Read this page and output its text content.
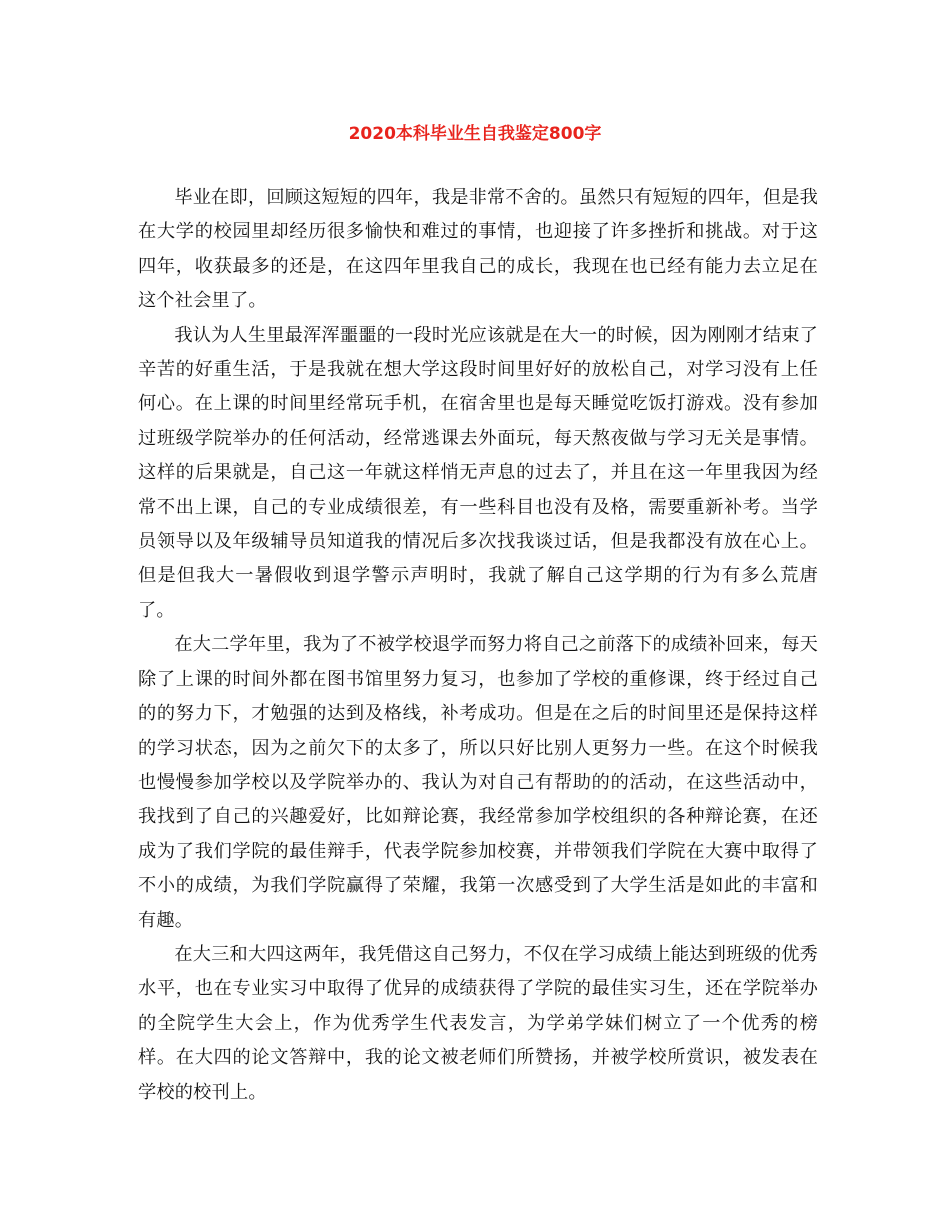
2020本科毕业生自我鉴定800字

毕业在即，回顾这短短的四年，我是非常不舍的。虽然只有短短的四年，但是我在大学的校园里却经历很多愉快和难过的事情，也迎接了许多挫折和挑战。对于这四年，收获最多的还是，在这四年里我自己的成长，我现在也已经有能力去立足在这个社会里了。

我认为人生里最浑浑噩噩的一段时光应该就是在大一的时候，因为刚刚才结束了辛苦的好重生活，于是我就在想大学这段时间里好好的放松自己，对学习没有上任何心。在上课的时间里经常玩手机，在宿舍里也是每天睡觉吃饭打游戏。没有参加过班级学院举办的任何活动，经常逃课去外面玩，每天熬夜做与学习无关是事情。这样的后果就是，自己这一年就这样悄无声息的过去了，并且在这一年里我因为经常不出上课，自己的专业成绩很差，有一些科目也没有及格，需要重新补考。当学员领导以及年级辅导员知道我的情况后多次找我谈过话，但是我都没有放在心上。但是但我大一暑假收到退学警示声明时，我就了解自己这学期的行为有多么荒唐了。

在大二学年里，我为了不被学校退学而努力将自己之前落下的成绩补回来，每天除了上课的时间外都在图书馆里努力复习，也参加了学校的重修课，终于经过自己的的努力下，才勉强的达到及格线，补考成功。但是在之后的时间里还是保持这样的学习状态，因为之前欠下的太多了，所以只好比别人更努力一些。在这个时候我也慢慢参加学校以及学院举办的、我认为对自己有帮助的的活动，在这些活动中，我找到了自己的兴趣爱好，比如辩论赛，我经常参加学校组织的各种辩论赛，在还成为了我们学院的最佳辩手，代表学院参加校赛，并带领我们学院在大赛中取得了不小的成绩，为我们学院赢得了荣耀，我第一次感受到了大学生活是如此的丰富和有趣。

在大三和大四这两年，我凭借这自己努力，不仅在学习成绩上能达到班级的优秀水平，也在专业实习中取得了优异的成绩获得了学院的最佳实习生，还在学院举办的全院学生大会上，作为优秀学生代表发言，为学弟学妹们树立了一个优秀的榜样。在大四的论文答辩中，我的论文被老师们所赞扬，并被学校所赏识，被发表在学校的校刊上。
